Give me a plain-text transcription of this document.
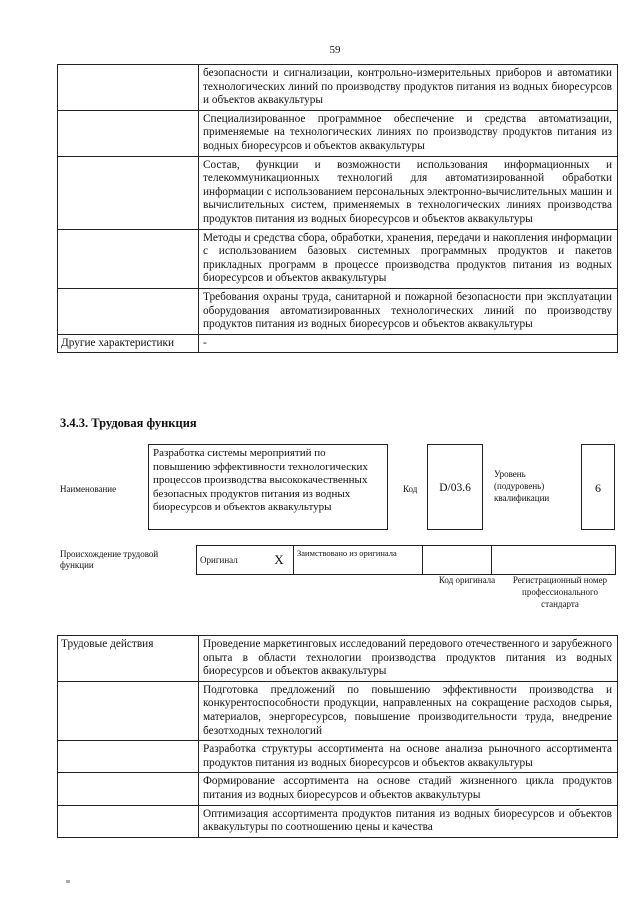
59
	безопасности и сигнализации, контрольно-измерительных приборов и автоматики технологических линий по производству продуктов питания из водных биоресурсов и объектов аквакультуры
	Специализированное программное обеспечение и средства автоматизации, применяемые на технологических линиях по производству продуктов питания из водных биоресурсов и объектов аквакультуры
	Состав, функции и возможности использования информационных и телекоммуникационных технологий для автоматизированной обработки информации с использованием персональных электронно-вычислительных машин и вычислительных систем, применяемых в технологических линиях производства продуктов питания из водных биоресурсов и объектов аквакультуры
	Методы и средства сбора, обработки, хранения, передачи и накопления информации с использованием базовых системных программных продуктов и пакетов прикладных программ в процессе производства продуктов питания из водных биоресурсов и объектов аквакультуры
	Требования охраны труда, санитарной и пожарной безопасности при эксплуатации оборудования автоматизированных технологических линий по производству продуктов питания из водных биоресурсов и объектов аквакультуры
Другие характеристики	-
3.4.3. Трудовая функция
Наименование
Разработка системы мероприятий по повышению эффективности технологических процессов производства высококачественных безопасных продуктов питания из водных биоресурсов и объектов аквакультуры
Код	D/03.6
Уровень (подуровень) квалификации
6
Происхождение трудовой функции	Оригинал	X	Заимствовано из оригинала		
Код оригинала	Регистрационный номер профессионального стандарта
Трудовые действия	Проведение маркетинговых исследований передового отечественного и зарубежного опыта в области технологии производства продуктов питания из водных биоресурсов и объектов аквакультуры
	Подготовка предложений по повышению эффективности производства и конкурентоспособности продукции, направленных на сокращение расходов сырья, материалов, энергоресурсов, повышение производительности труда, внедрение безотходных технологий
	Разработка структуры ассортимента на основе анализа рыночного ассортимента продуктов питания из водных биоресурсов и объектов аквакультуры
	Формирование ассортимента на основе стадий жизненного цикла продуктов питания из водных биоресурсов и объектов аквакультуры
	Оптимизация ассортимента продуктов питания из водных биоресурсов и объектов аквакультуры по соотношению цены и качества
